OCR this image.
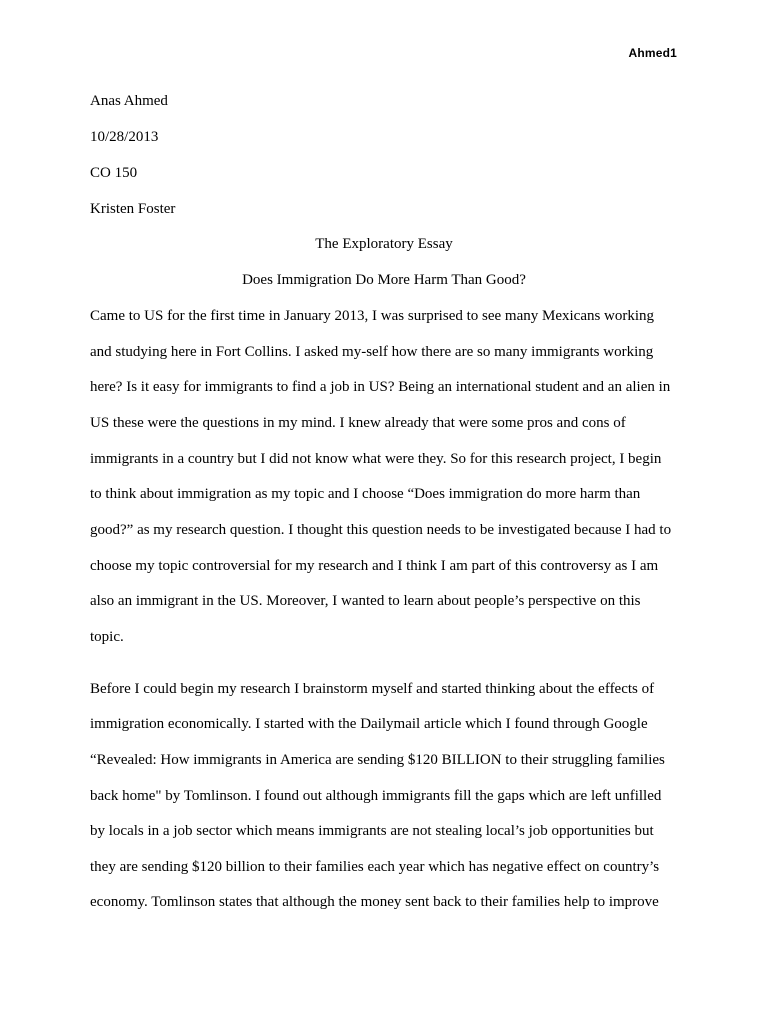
Ahmed1
Anas Ahmed
10/28/2013
CO 150
Kristen Foster
The Exploratory Essay
Does Immigration Do More Harm Than Good?
Came to US for the first time in January 2013, I was surprised to see many Mexicans working
and studying here in Fort Collins. I asked my-self how there are so many immigrants working
here? Is it easy for immigrants to find a job in US? Being an international student and an alien in
US these were the questions in my mind. I knew already that were some pros and cons of
immigrants in a country but I did not know what were they. So for this research project, I begin
to think about immigration as my topic and I choose “Does immigration do more harm than
good?” as my research question. I thought this question needs to be investigated because I had to
choose my topic controversial for my research and I think I am part of this controversy as I am
also an immigrant in the US. Moreover, I wanted to learn about people’s perspective on this
topic.
Before I could begin my research I brainstorm myself and started thinking about the effects of
immigration economically. I started with the Dailymail article which I found through Google
“Revealed: How immigrants in America are sending $120 BILLION to their struggling families
back home" by Tomlinson. I found out although immigrants fill the gaps which are left unfilled
by locals in a job sector which means immigrants are not stealing local’s job opportunities but
they are sending $120 billion to their families each year which has negative effect on country’s
economy. Tomlinson states that although the money sent back to their families help to improve
